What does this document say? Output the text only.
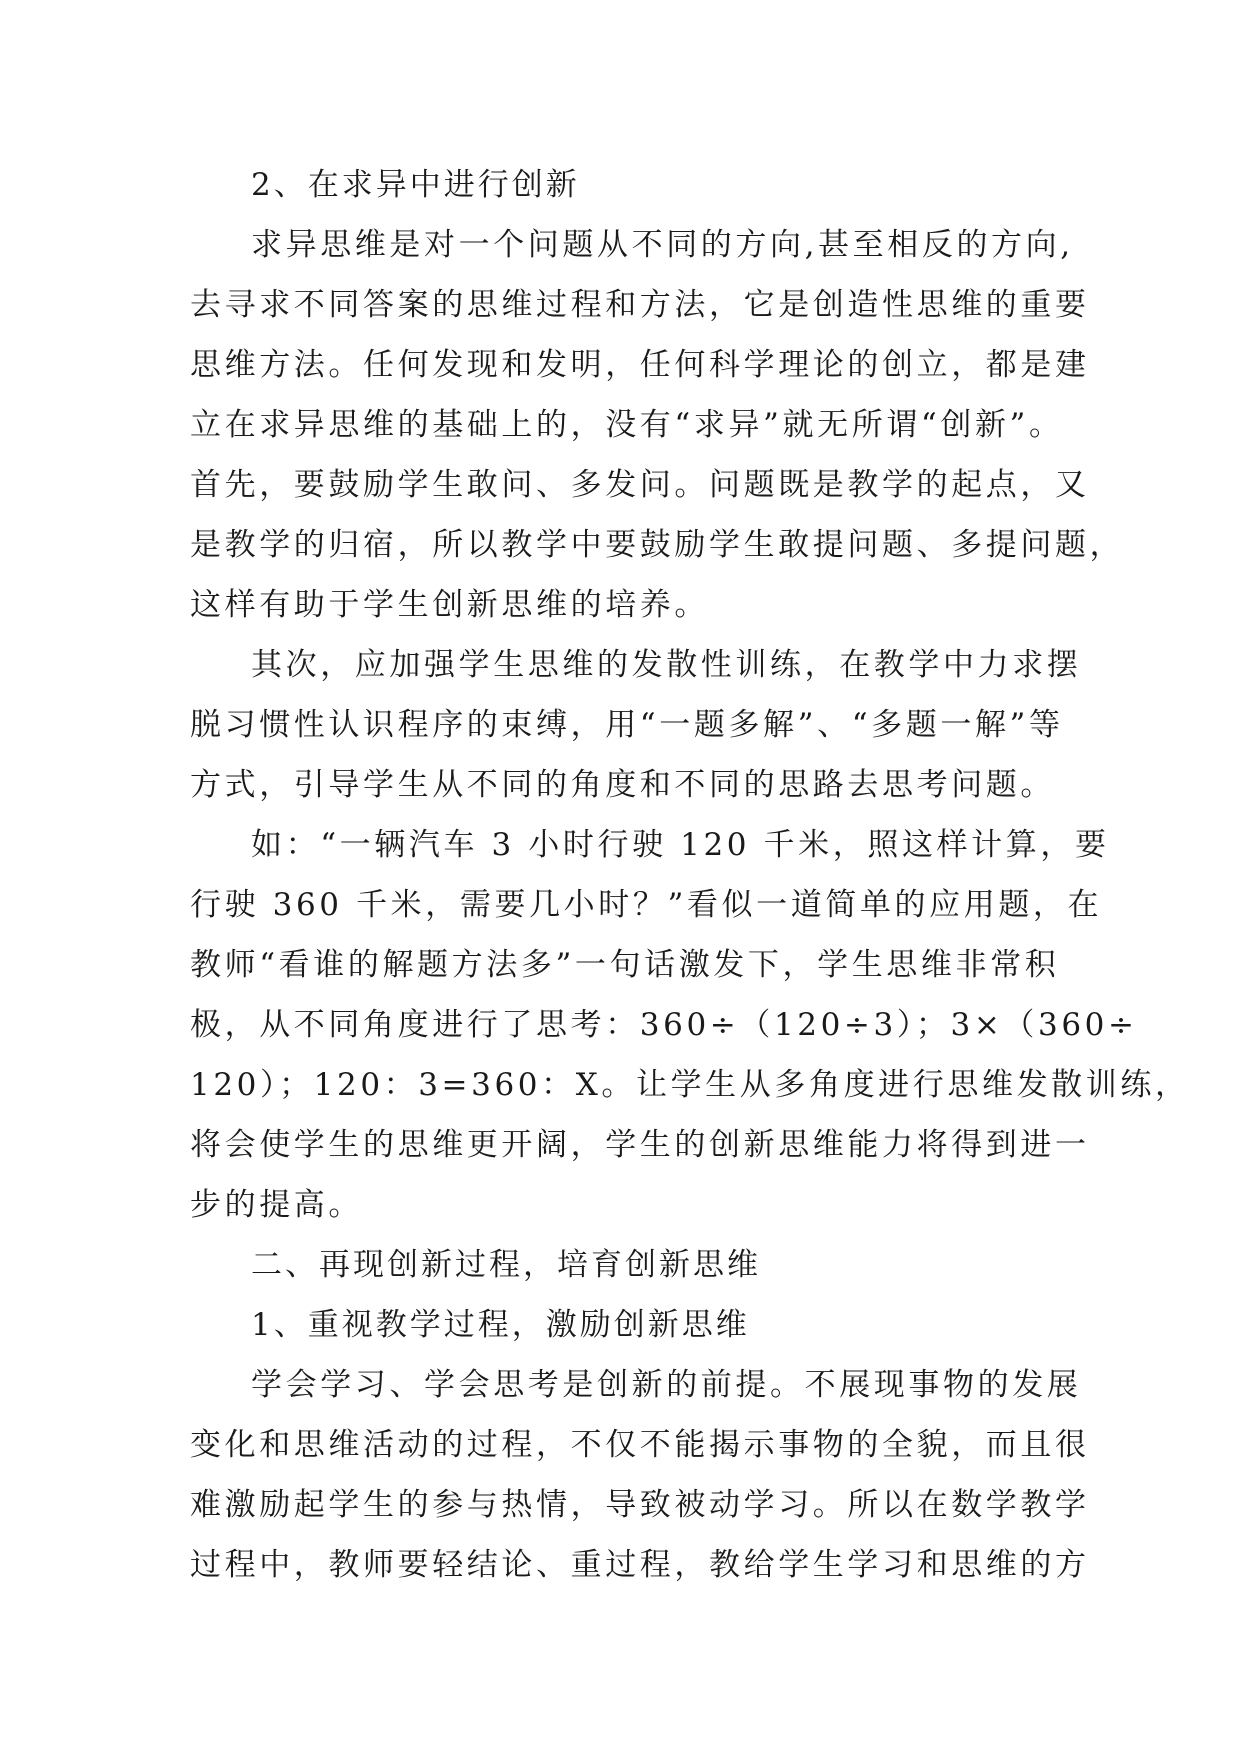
2、在求异中进行创新

求异思维是对一个问题从不同的方向,甚至相反的方向,

去寻求不同答案的思维过程和方法，它是创造性思维的重要

思维方法。任何发现和发明，任何科学理论的创立，都是建

立在求异思维的基础上的，没有“求异”就无所谓“创新”。

首先，要鼓励学生敢问、多发问。问题既是教学的起点，又

是教学的归宿，所以教学中要鼓励学生敢提问题、多提问题，

这样有助于学生创新思维的培养。

其次，应加强学生思维的发散性训练，在教学中力求摆

脱习惯性认识程序的束缚，用“一题多解”、“多题一解”等

方式，引导学生从不同的角度和不同的思路去思考问题。

如：“一辆汽车 3 小时行驶 120 千米，照这样计算，要

行驶 360 千米，需要几小时？”看似一道简单的应用题，在

教师“看谁的解题方法多”一句话激发下，学生思维非常积

极，从不同角度进行了思考：360÷（120÷3）；3×（360÷

120）；120：3=360：X。让学生从多角度进行思维发散训练，

将会使学生的思维更开阔，学生的创新思维能力将得到进一

步的提高。

二、再现创新过程，培育创新思维

1、重视教学过程，激励创新思维

学会学习、学会思考是创新的前提。不展现事物的发展

变化和思维活动的过程，不仅不能揭示事物的全貌，而且很

难激励起学生的参与热情，导致被动学习。所以在数学教学

过程中，教师要轻结论、重过程，教给学生学习和思维的方
